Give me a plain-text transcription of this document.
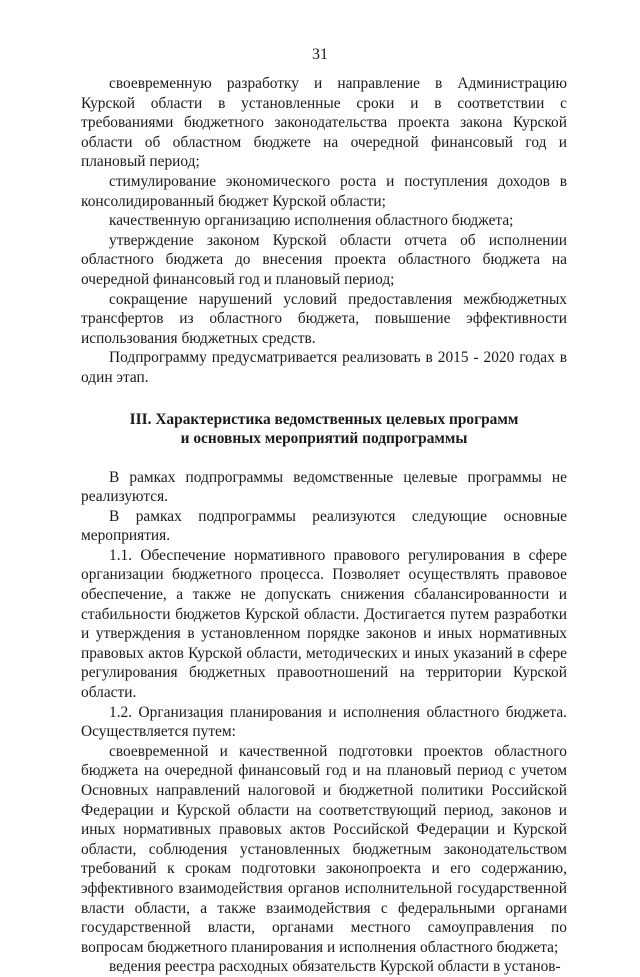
31

своевременную разработку и направление в Администрацию Курской области в установленные сроки и в соответствии с требованиями бюджетного законодательства проекта закона Курской области об областном бюджете на очередной финансовый год и плановый период;

стимулирование экономического роста и поступления доходов в консолидированный бюджет Курской области;

качественную организацию исполнения областного бюджета;

утверждение законом Курской области отчета об исполнении областного бюджета до внесения проекта областного бюджета на очередной финансовый год и плановый период;

сокращение нарушений условий предоставления межбюджетных трансфертов из областного бюджета, повышение эффективности использования бюджетных средств.

Подпрограмму предусматривается реализовать в 2015 - 2020 годах в один этап.

III. Характеристика ведомственных целевых программ
и основных мероприятий подпрограммы

В рамках подпрограммы ведомственные целевые программы не реализуются.

В рамках подпрограммы реализуются следующие основные мероприятия.

1.1. Обеспечение нормативного правового регулирования в сфере организации бюджетного процесса. Позволяет осуществлять правовое обеспечение, а также не допускать снижения сбалансированности и стабильности бюджетов Курской области. Достигается путем разработки и утверждения в установленном порядке законов и иных нормативных правовых актов Курской области, методических и иных указаний в сфере регулирования бюджетных правоотношений на территории Курской области.

1.2. Организация планирования и исполнения областного бюджета. Осуществляется путем:

своевременной и качественной подготовки проектов областного бюджета на очередной финансовый год и на плановый период с учетом Основных направлений налоговой и бюджетной политики Российской Федерации и Курской области на соответствующий период, законов и иных нормативных правовых актов Российской Федерации и Курской области, соблюдения установленных бюджетным законодательством требований к срокам подготовки законопроекта и его содержанию, эффективного взаимодействия органов исполнительной государственной власти области, а также взаимодействия с федеральными органами государственной власти, органами местного самоуправления по вопросам бюджетного планирования и исполнения областного бюджета;

ведения реестра расходных обязательств Курской области в установ-
